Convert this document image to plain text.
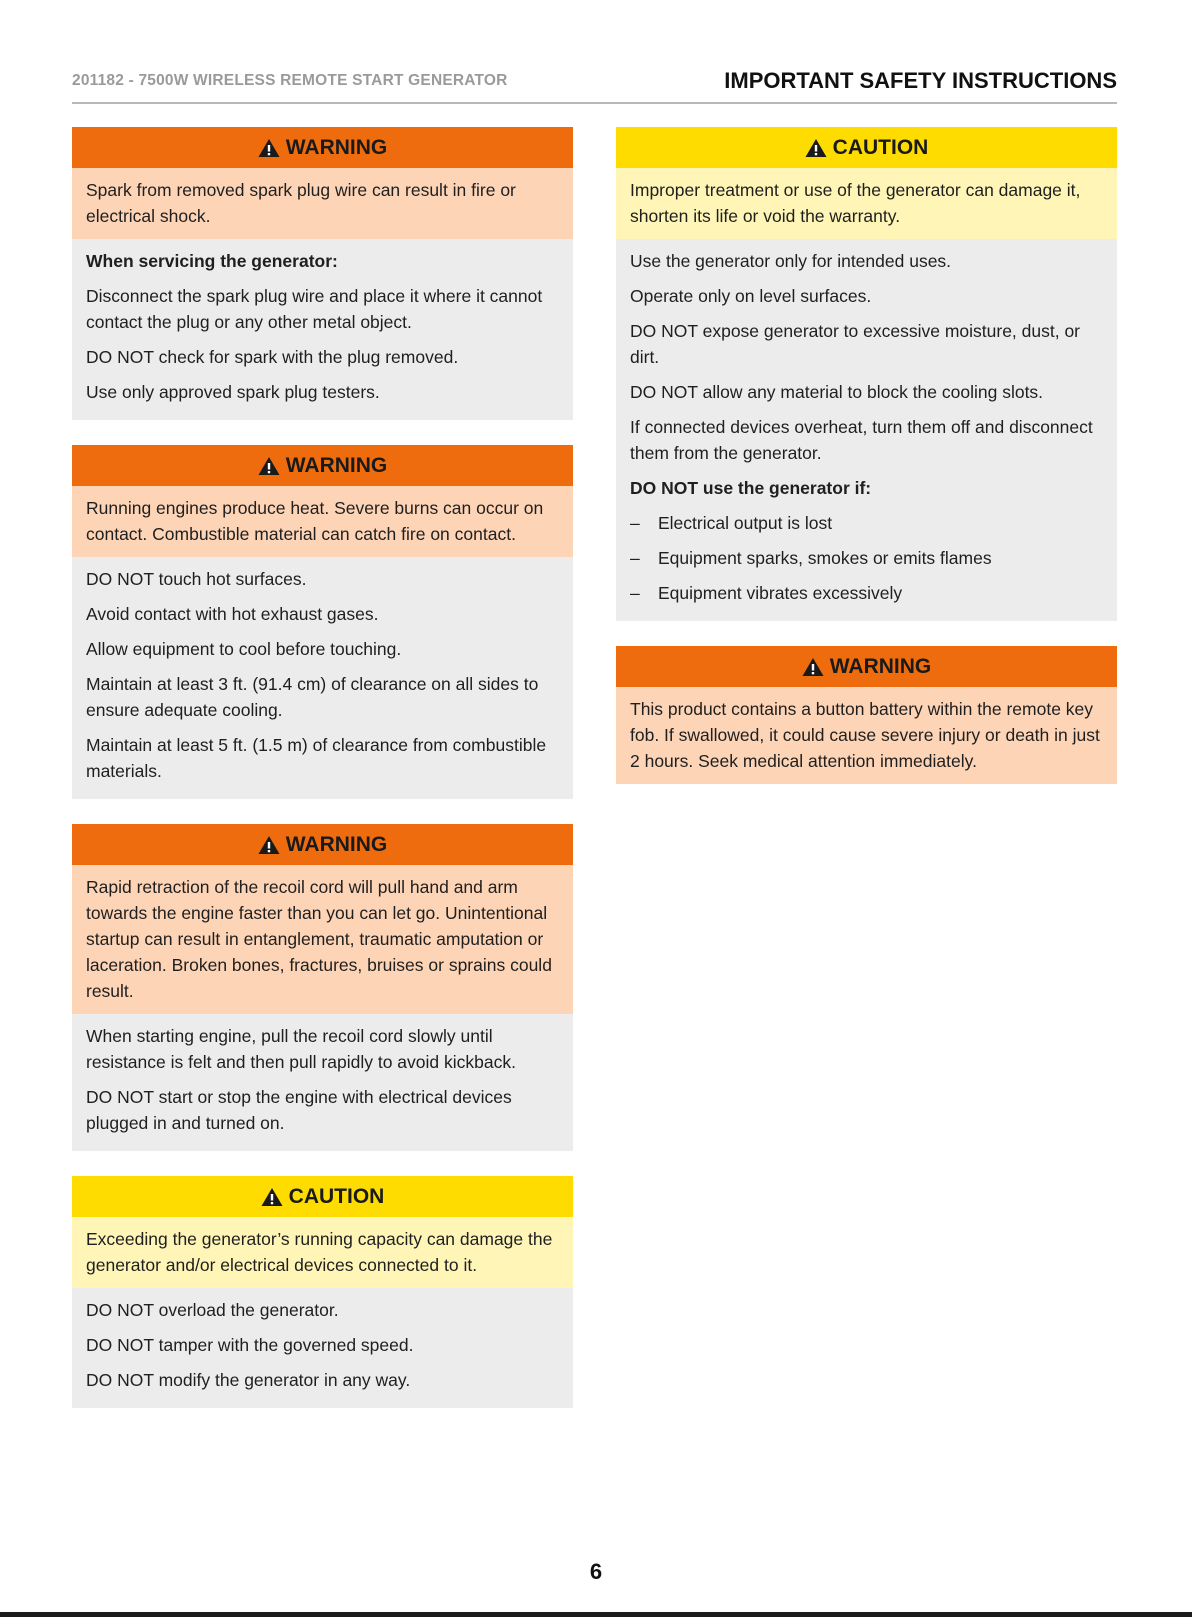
201182 - 7500W WIRELESS REMOTE START GENERATOR	IMPORTANT SAFETY INSTRUCTIONS
WARNING
Spark from removed spark plug wire can result in fire or electrical shock.

When servicing the generator:

Disconnect the spark plug wire and place it where it cannot contact the plug or any other metal object.

DO NOT check for spark with the plug removed.

Use only approved spark plug testers.

WARNING
Running engines produce heat. Severe burns can occur on contact. Combustible material can catch fire on contact.

DO NOT touch hot surfaces.

Avoid contact with hot exhaust gases.

Allow equipment to cool before touching.

Maintain at least 3 ft. (91.4 cm) of clearance on all sides to ensure adequate cooling.

Maintain at least 5 ft. (1.5 m) of clearance from combustible materials.

WARNING
Rapid retraction of the recoil cord will pull hand and arm towards the engine faster than you can let go. Unintentional startup can result in entanglement, traumatic amputation or laceration. Broken bones, fractures, bruises or sprains could result.

When starting engine, pull the recoil cord slowly until resistance is felt and then pull rapidly to avoid kickback.

DO NOT start or stop the engine with electrical devices plugged in and turned on.

CAUTION
Exceeding the generator’s running capacity can damage the generator and/or electrical devices connected to it.

DO NOT overload the generator.

DO NOT tamper with the governed speed.

DO NOT modify the generator in any way.

CAUTION
Improper treatment or use of the generator can damage it, shorten its life or void the warranty.

Use the generator only for intended uses.

Operate only on level surfaces.

DO NOT expose generator to excessive moisture, dust, or dirt.

DO NOT allow any material to block the cooling slots.

If connected devices overheat, turn them off and disconnect them from the generator.

DO NOT use the generator if:

–	Electrical output is lost

–	Equipment sparks, smokes or emits flames

–	Equipment vibrates excessively

WARNING
This product contains a button battery within the remote key fob. If swallowed, it could cause severe injury or death in just 2 hours. Seek medical attention immediately.
6
